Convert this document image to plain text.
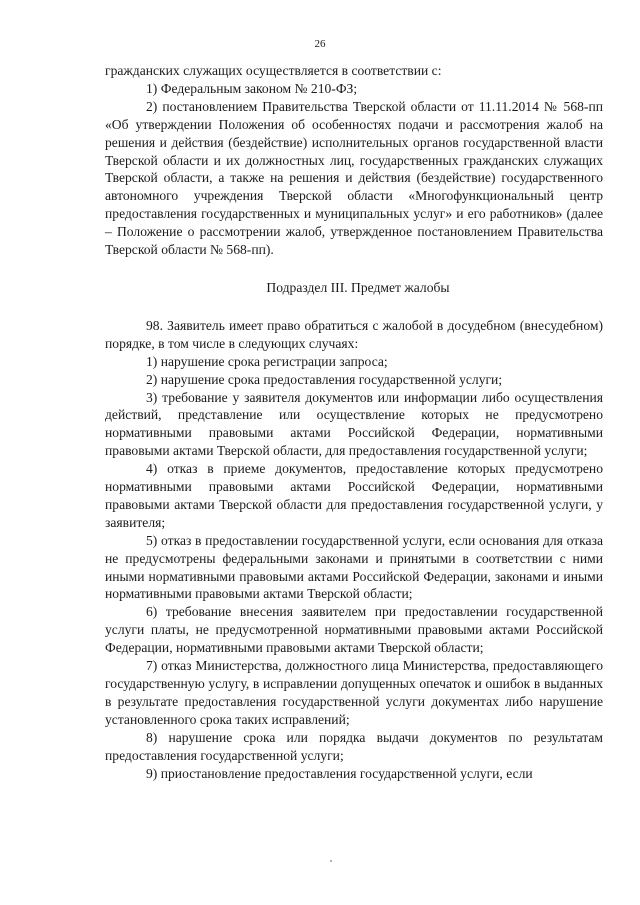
26

гражданских служащих осуществляется в соответствии с:

1) Федеральным законом № 210-ФЗ;

2) постановлением Правительства Тверской области от 11.11.2014 № 568-пп «Об утверждении Положения об особенностях подачи и рассмотрения жалоб на решения и действия (бездействие) исполнительных органов государственной власти Тверской области и их должностных лиц, государственных гражданских служащих Тверской области, а также на решения и действия (бездействие) государственного автономного учреждения Тверской области «Многофункциональный центр предоставления государственных и муниципальных услуг» и его работников» (далее – Положение о рассмотрении жалоб, утвержденное постановлением Правительства Тверской области № 568-пп).

Подраздел III. Предмет жалобы

98. Заявитель имеет право обратиться с жалобой в досудебном (внесудебном) порядке, в том числе в следующих случаях:

1) нарушение срока регистрации запроса;

2) нарушение срока предоставления государственной услуги;

3) требование у заявителя документов или информации либо осуществления действий, представление или осуществление которых не предусмотрено нормативными правовыми актами Российской Федерации, нормативными правовыми актами Тверской области, для предоставления государственной услуги;

4) отказ в приеме документов, предоставление которых предусмотрено нормативными правовыми актами Российской Федерации, нормативными правовыми актами Тверской области для предоставления государственной услуги, у заявителя;

5) отказ в предоставлении государственной услуги, если основания для отказа не предусмотрены федеральными законами и принятыми в соответствии с ними иными нормативными правовыми актами Российской Федерации, законами и иными нормативными правовыми актами Тверской области;

6) требование внесения заявителем при предоставлении государственной услуги платы, не предусмотренной нормативными правовыми актами Российской Федерации, нормативными правовыми актами Тверской области;

7) отказ Министерства, должностного лица Министерства, предоставляющего государственную услугу, в исправлении допущенных опечаток и ошибок в выданных в результате предоставления государственной услуги документах либо нарушение установленного срока таких исправлений;

8) нарушение срока или порядка выдачи документов по результатам предоставления государственной услуги;

9) приостановление предоставления государственной услуги, если
